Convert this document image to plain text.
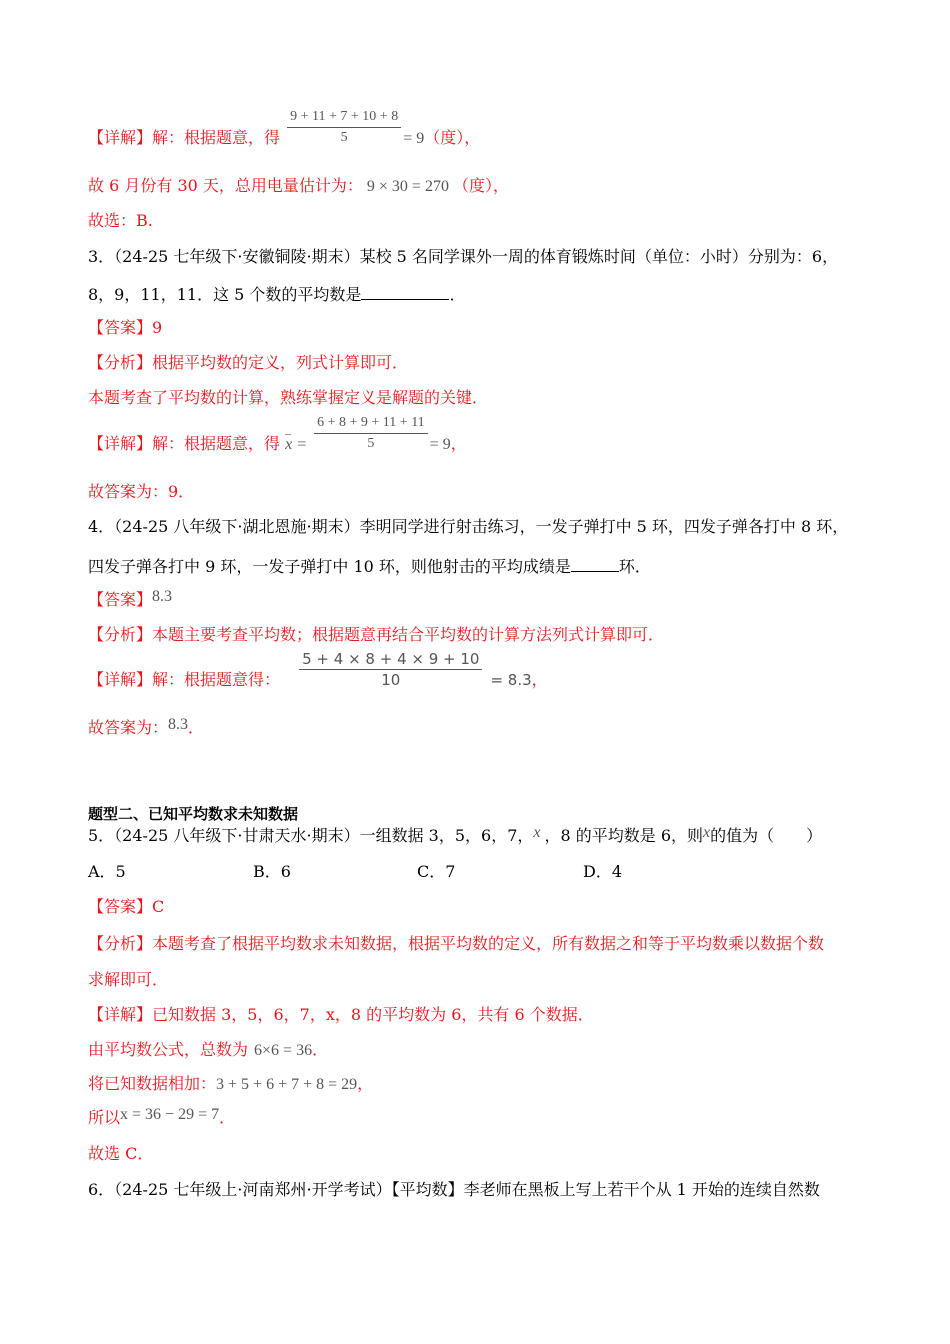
【详解】解：根据题意，得 $\frac{9 + 11 + 7 + 10 + 8}{5} = 9$（度），
故 6 月份有 30 天，总用电量估计为： 9 × 30 = 270 （度），
故选：B.
3．（24-25 七年级下·安徽铜陵·期末）某校 5 名同学课外一周的体育锻炼时间（单位：小时）分别为：6，
8，9，11，11．这 5 个数的平均数是	．
【答案】9
【分析】根据平均数的定义，列式计算即可．
本题考查了平均数的计算，熟练掌握定义是解题的关键．
【详解】解：根据题意，得 – $x = \frac{6 + 8 + 9 + 11 + 11}{5} = 9$，
故答案为：9．
4．（24-25 八年级下·湖北恩施·期末）李明同学进行射击练习，一发子弹打中 5 环，四发子弹各打中 8 环，
四发子弹各打中 9 环，一发子弹打中 10 环，则他射击的平均成绩是	环．
【答案】8.3
【分析】本题主要考查平均数；根据题意再结合平均数的计算方法列式计算即可．
【详解】解：根据题意得： $\frac{5 + 4 \times 8 + 4 \times 9 + 10}{10} = 8.3$，
故答案为：8.3．
题型二、已知平均数求未知数据
5．（24-25 八年级下·甘肃天水·期末）一组数据 3，5，6，7，x ，8 的平均数是 6，则x的值为（　　）
A．5	B．6	C．7	D．4
【答案】C
【分析】本题考查了根据平均数求未知数据，根据平均数的定义，所有数据之和等于平均数乘以数据个数
求解即可．
【详解】已知数据 3，5，6，7，x，8 的平均数为 6，共有 6 个数据．
由平均数公式，总数为 6×6 = 36．
将已知数据相加：3 + 5 + 6 + 7 + 8 = 29，
所以x = 36 − 29 = 7．
故选 C．
6．（24-25 七年级上·河南郑州·开学考试）【平均数】李老师在黑板上写上若干个从 1 开始的连续自然数
